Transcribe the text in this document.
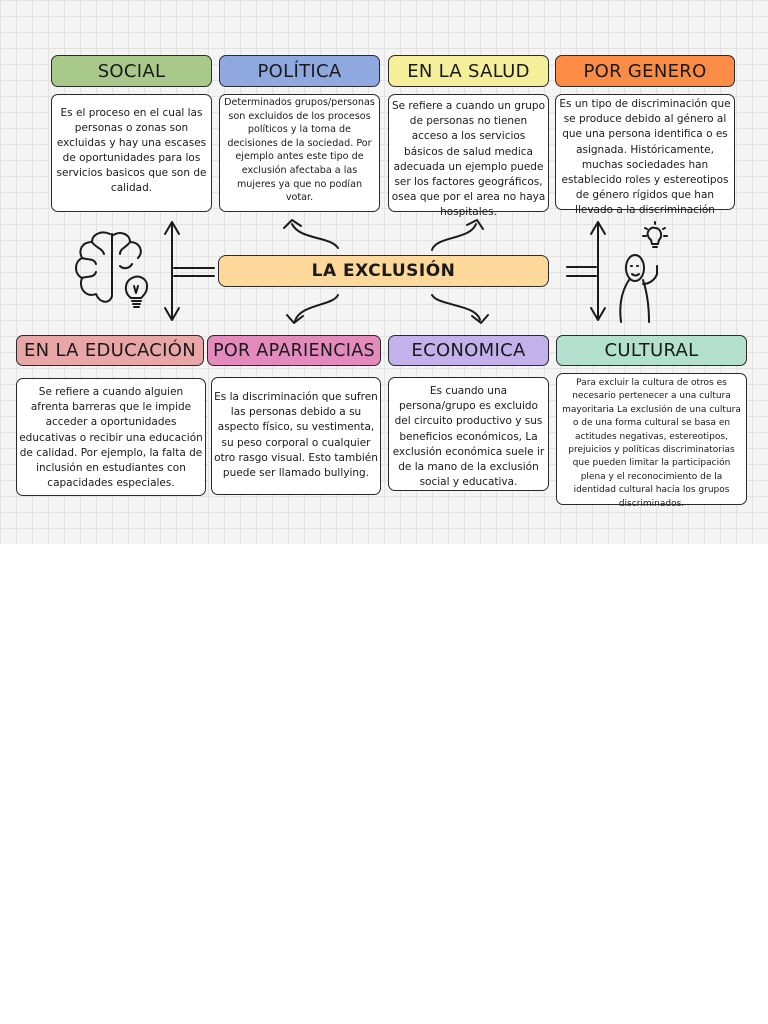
SOCIAL	POLÍTICA	EN LA SALUD	POR GENERO
Es el proceso en el cual las personas o zonas son excluidas y hay una escases de oportunidades para los servicios basicos que son de calidad.
Determinados grupos/personas son excluidos de los procesos políticos y la toma de decisiones de la sociedad. Por ejemplo antes este tipo de exclusión afectaba a las mujeres ya que no podían votar.
Se refiere a cuando un grupo de personas no tienen acceso a los servicios básicos de salud medica adecuada un ejemplo puede ser los factores geográficos, osea que por el area no haya hospitales.
Es un tipo de discriminación que se produce debido al género al que una persona identifica o es asignada. Históricamente, muchas sociedades han establecido roles y estereotipos de género rígidos que han llevado a la discriminación
LA EXCLUSIÓN
EN LA EDUCACIÓN POR APARIENCIAS	ECONOMICA	CULTURAL
Se refiere a cuando alguien afrenta barreras que le impide acceder a oportunidades educativas o recibir una educación de calidad. Por ejemplo, la falta de inclusión en estudiantes con capacidades especiales.
Es la discriminación que sufren las personas debido a su aspecto físico, su vestimenta, su peso corporal o cualquier otro rasgo visual. Esto también puede ser llamado bullying.
Es cuando una persona/grupo es excluido del circuito productivo y sus beneficios económicos, La exclusión económica suele ir de la mano de la exclusión social y educativa.
Para excluir la cultura de otros es necesario pertenecer a una cultura mayoritaria La exclusión de una cultura o de una forma cultural se basa en actitudes negativas, estereotipos, prejuicios y políticas discriminatorias que pueden limitar la participación plena y el reconocimiento de la identidad cultural hacia los grupos discriminados.
